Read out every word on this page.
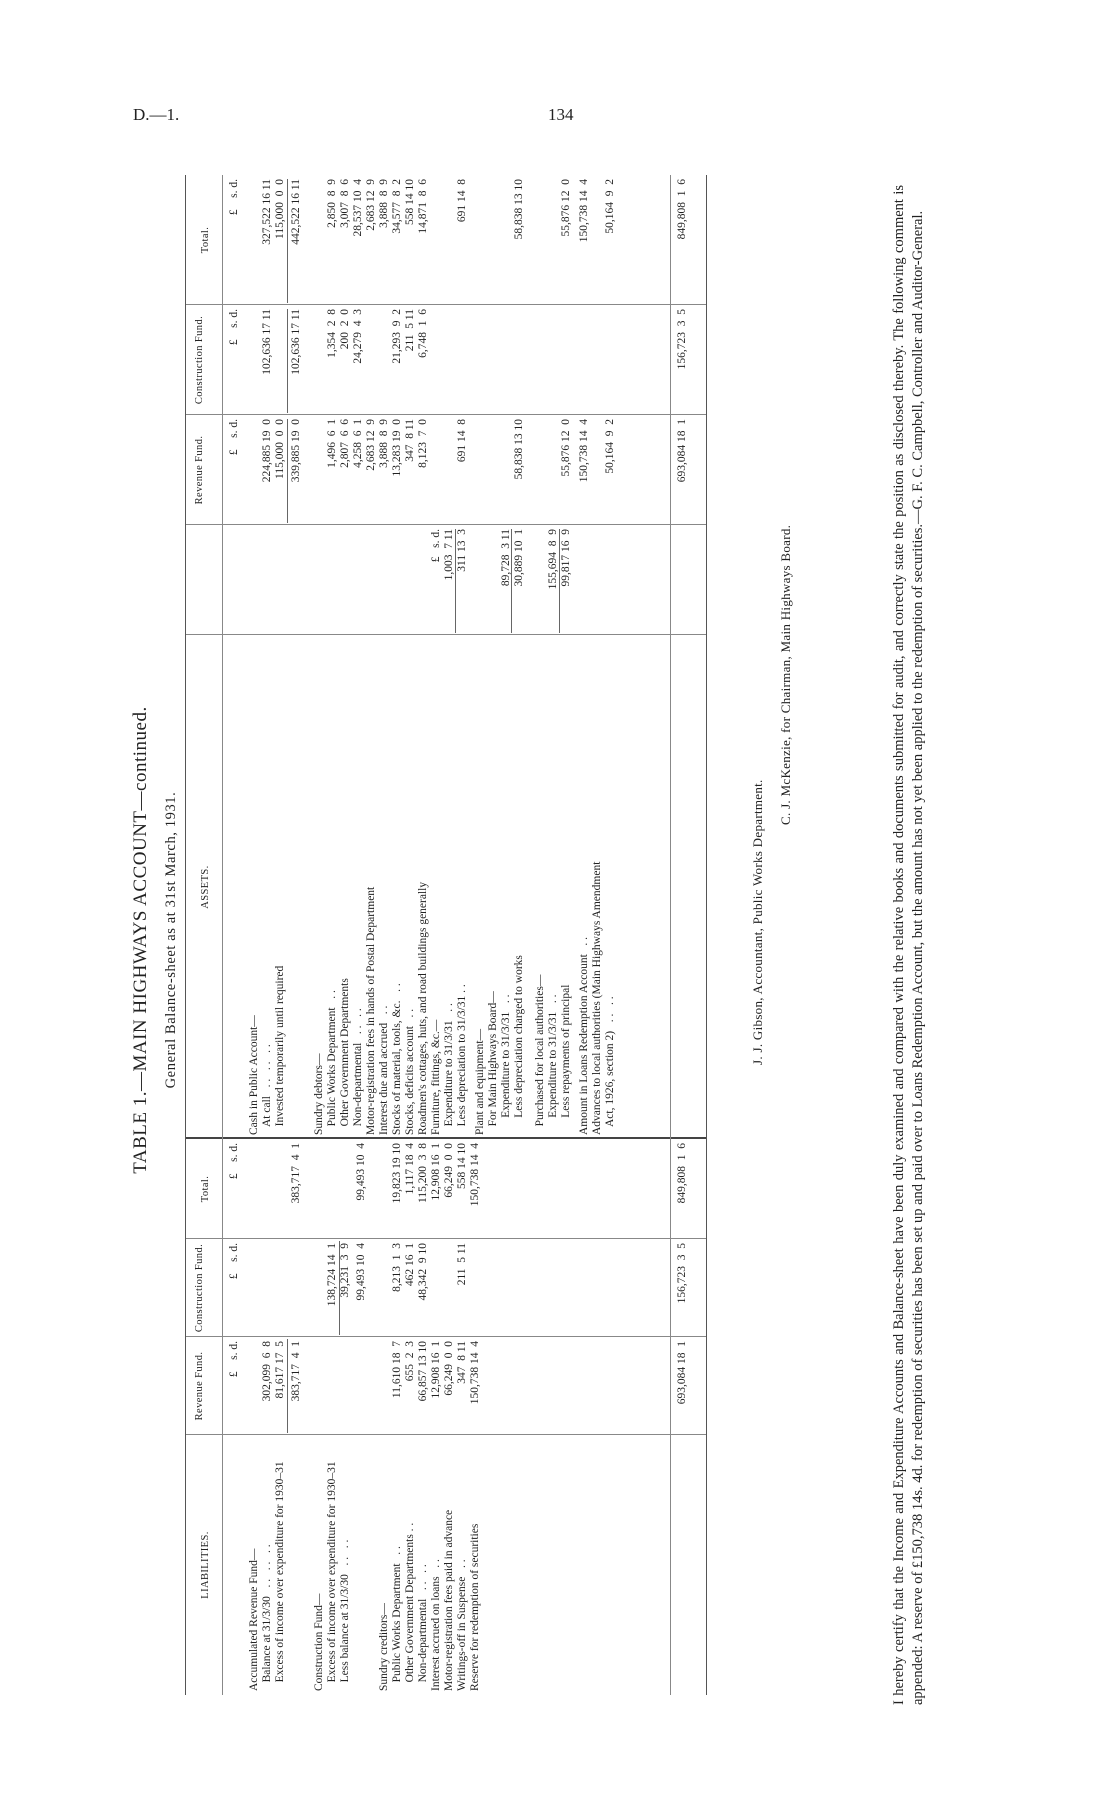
D.—1.	134
TABLE 1.—MAIN HIGHWAYS ACCOUNT—continued. General Balance-sheet as at 31st March, 1931.
LIABILITIES.
Revenue Fund.
Construction Fund.
Total.
ASSETS.
Revenue Fund.
Construction Fund.
Total.
£    s. d.
£    s. d.
£    s. d.
£    s. d.
£    s. d.
£    s. d.
Accumulated Revenue Fund— Balance at 31/3/30   . .   . .   . .
302,099  6  8
Excess of income over expenditure for 1930–31
81,617 17  5 383,717  4  1
383,717  4  1
Construction Fund— Excess of income over expenditure for 1930–31
138,724 14  1
Less balance at 31/3/30   . .   . .
39,231  3  9 99,493 10  4
99,493 10  4
Sundry creditors— Public Works Department   . .
11,610 18  7
8,213  1  3
19,823 19 10
Other Government Departments . .
655  2  3
462 16  1
1,117 18  4
Non-departmental   . .   . .
66,857 13 10
48,342  9 10
115,200  3  8
Interest accrued on loans   . .
12,908 16  1
12,908 16  1
Motor-registration fees paid in advance
66,249  0  0
66,249  0  0
Writings-off in Suspense   . .
347  8 11
211  5 11
558 14 10
Reserve for redemption of securities
150,738 14  4
150,738 14  4
Cash in Public Account— At call   . .   . .   . .
224,885 19  0
102,636 17 11
327,522 16 11
Invested temporarily until required
115,000  0  0
115,000  0  0
339,885 19  0
102,636 17 11
442,522 16 11
Sundry debtors— Public Works Department   . .
1,496  6  1
1,354  2  8
2,850  8  9
Other Government Departments
2,807  6  6
200  2  0
3,007  8  6
Non-departmental   . .   . .
4,258  6  1
24,279  4  3
28,537 10  4
Motor-registration fees in hands of Postal Department
2,683 12  9
2,683 12  9
Interest due and accrued   . .
3,888  8  9
3,888  8  9
Stocks of material, tools, &c.   . .
13,283 19  0
21,293  9  2
34,577  8  2
Stocks, deficits account   . .
347  8 11
211  5 11
558 14 10
Roadmen's cottages, huts, and road buildings generally
8,123  7  0
6,748  1  6
14,871  8  6
Furniture, fittings, &c.—
£   s. d.
Expenditure to 31/3/31   . .
1,003  7 11
Less depreciation to 31/3/31 . .
311 13  3
691 14  8
691 14  8
Plant and equipment— For Main Highways Board— Expenditure to 31/3/31   . .
89,728  3 11
Less depreciation charged to works
30,889 10  1
58,838 13 10
58,838 13 10
Purchased for local authorities— Expenditure to 31/3/31   . .
155,694  8  9
Less repayments of principal
99,817 16  9
55,876 12  0
55,876 12  0
Amount in Loans Redemption Account   . .
150,738 14  4
150,738 14  4
Advances to local authorities (Main Highways Amendment Act, 1926, section 2)   . .   . .
50,164  9  2
50,164  9  2
693,084 18  1
156,723  3  5
849,808  1  6
693,084 18  1
156,723  3  5
849,808  1  6
J. J. Gibson, Accountant, Public Works Department.
C. J. McKenzie, for Chairman, Main Highways Board.	I hereby certify that the Income and Expenditure Accounts and Balance-sheet have been duly examined and compared with the relative books and documents submitted for audit, and correctly state the position as disclosed thereby. The following comment is appended: A reserve of £150,738 14s. 4d. for redemption of securities has been set up and paid over to Loans Redemption Account, but the amount has not yet been applied to the redemption of securities.—G. F. C. Campbell, Controller and Auditor-General.
